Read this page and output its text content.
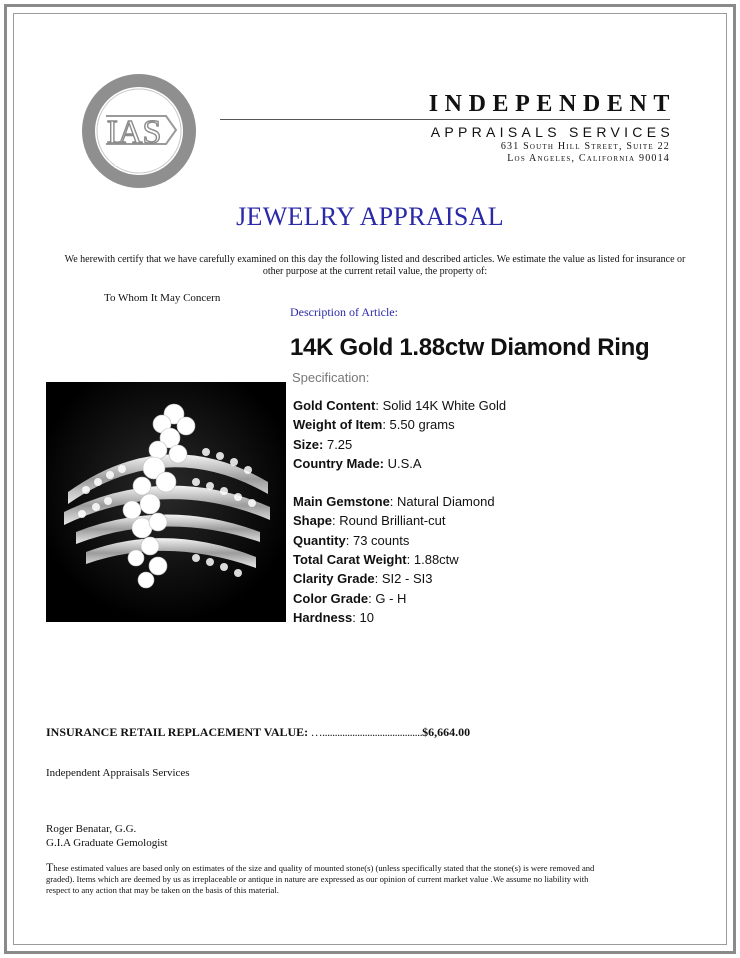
IAS
Appraisal
INDEPENDENT
APPRAISALS SERVICES
631 South Hill Street, Suite 22
Los Angeles, California 90014
JEWELRY APPRAISAL
We herewith certify that we have carefully examined on this day the following listed and described articles. We estimate the value as listed for insurance or other purpose at the current retail value, the property of:
To Whom It May Concern
Description of Article:
14K Gold 1.88ctw Diamond Ring
Specification:
Gold Content: Solid 14K White Gold
Weight of Item: 5.50 grams
Size: 7.25
Country Made: U.S.A
Main Gemstone: Natural Diamond
Shape: Round Brilliant-cut
Quantity: 73 counts
Total Carat Weight: 1.88ctw
Clarity Grade: SI2 - SI3
Color Grade: G - H
Hardness: 10
INSURANCE RETAIL REPLACEMENT VALUE: …........................................$6,664.00
Independent Appraisals Services
Roger Benatar, G.G.
G.I.A Graduate Gemologist
These estimated values are based only on estimates of the size and quality of mounted stone(s) (unless specifically stated that the stone(s) is were removed and graded). Items which are deemed by us as irreplaceable or antique in nature are expressed as our opinion of current market value .We assume no liability with respect to any action that may be taken on the basis of this material.
